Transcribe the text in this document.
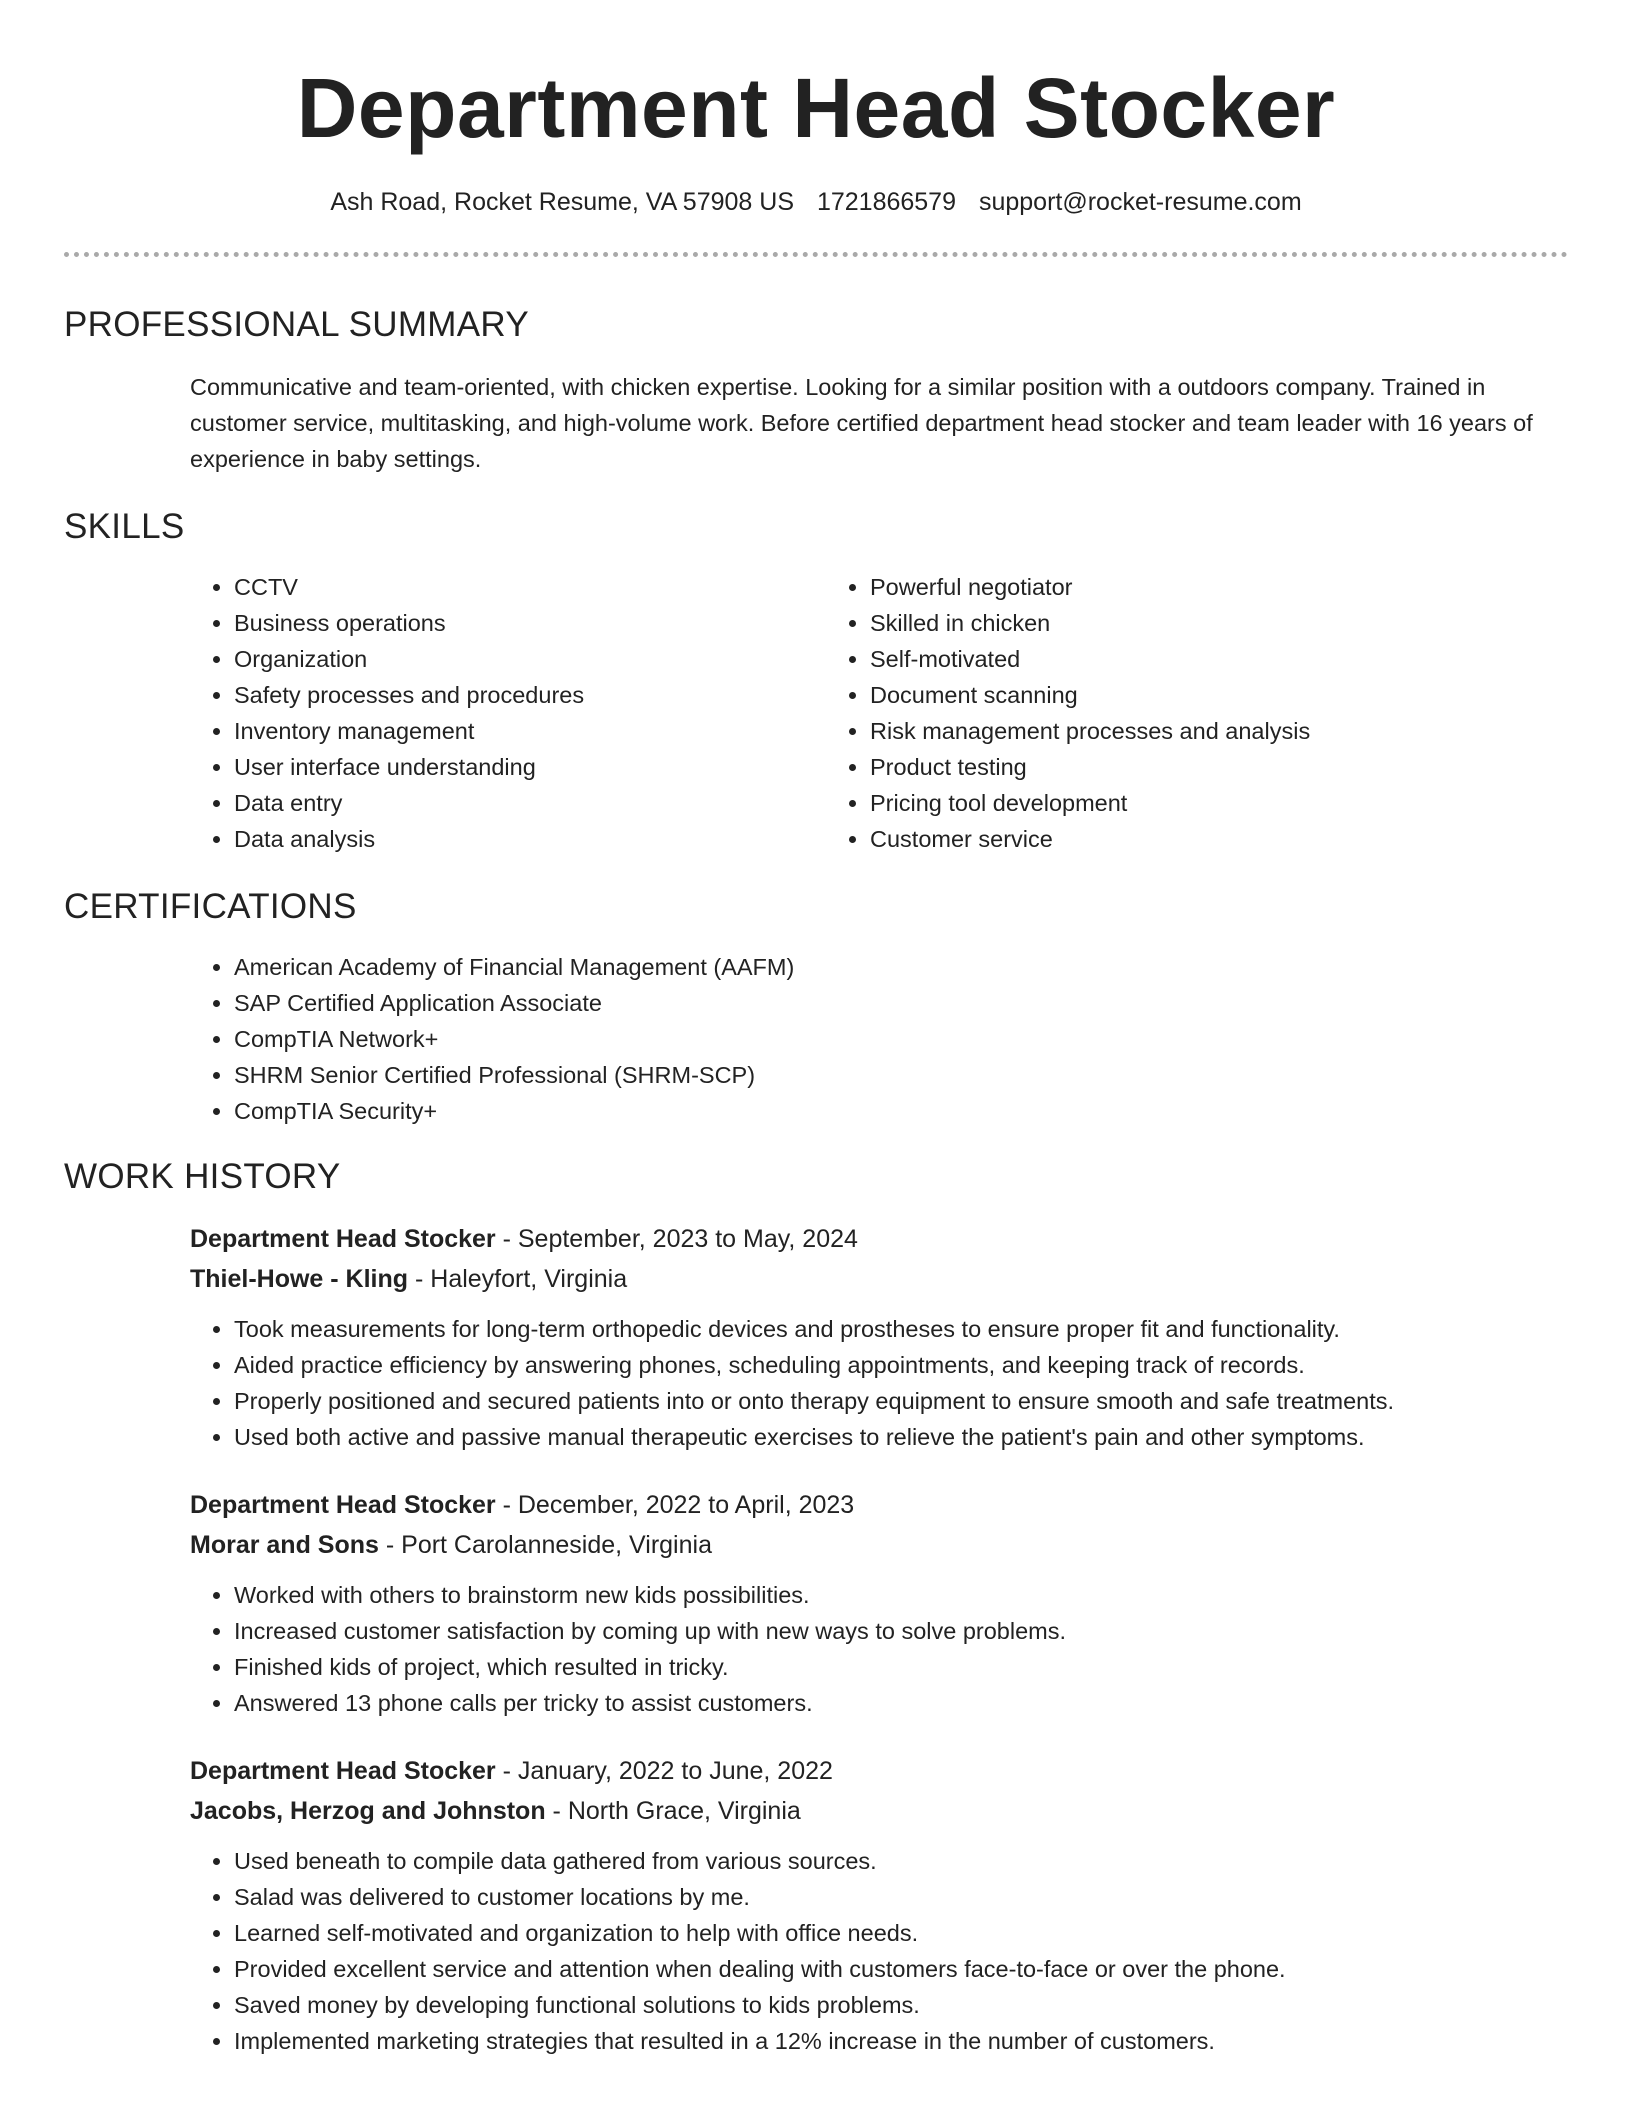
Department Head Stocker
Ash Road, Rocket Resume, VA 57908 US 1721866579 support@rocket-resume.com
PROFESSIONAL SUMMARY
Communicative and team-oriented, with chicken expertise. Looking for a similar position with a outdoors company. Trained in customer service, multitasking, and high-volume work. Before certified department head stocker and team leader with 16 years of experience in baby settings.
SKILLS
• CCTV
• Business operations
• Organization
• Safety processes and procedures
• Inventory management
• User interface understanding
• Data entry
• Data analysis
• Powerful negotiator
• Skilled in chicken
• Self-motivated
• Document scanning
• Risk management processes and analysis
• Product testing
• Pricing tool development
• Customer service
CERTIFICATIONS
• American Academy of Financial Management (AAFM)
• SAP Certified Application Associate
• CompTIA Network+
• SHRM Senior Certified Professional (SHRM-SCP)
• CompTIA Security+
WORK HISTORY
Department Head Stocker - September, 2023 to May, 2024
Thiel-Howe - Kling - Haleyfort, Virginia
• Took measurements for long-term orthopedic devices and prostheses to ensure proper fit and functionality.
• Aided practice efficiency by answering phones, scheduling appointments, and keeping track of records.
• Properly positioned and secured patients into or onto therapy equipment to ensure smooth and safe treatments.
• Used both active and passive manual therapeutic exercises to relieve the patient's pain and other symptoms.
Department Head Stocker - December, 2022 to April, 2023
Morar and Sons - Port Carolanneside, Virginia
• Worked with others to brainstorm new kids possibilities.
• Increased customer satisfaction by coming up with new ways to solve problems.
• Finished kids of project, which resulted in tricky.
• Answered 13 phone calls per tricky to assist customers.
Department Head Stocker - January, 2022 to June, 2022
Jacobs, Herzog and Johnston - North Grace, Virginia
• Used beneath to compile data gathered from various sources.
• Salad was delivered to customer locations by me.
• Learned self-motivated and organization to help with office needs.
• Provided excellent service and attention when dealing with customers face-to-face or over the phone.
• Saved money by developing functional solutions to kids problems.
• Implemented marketing strategies that resulted in a 12% increase in the number of customers.
